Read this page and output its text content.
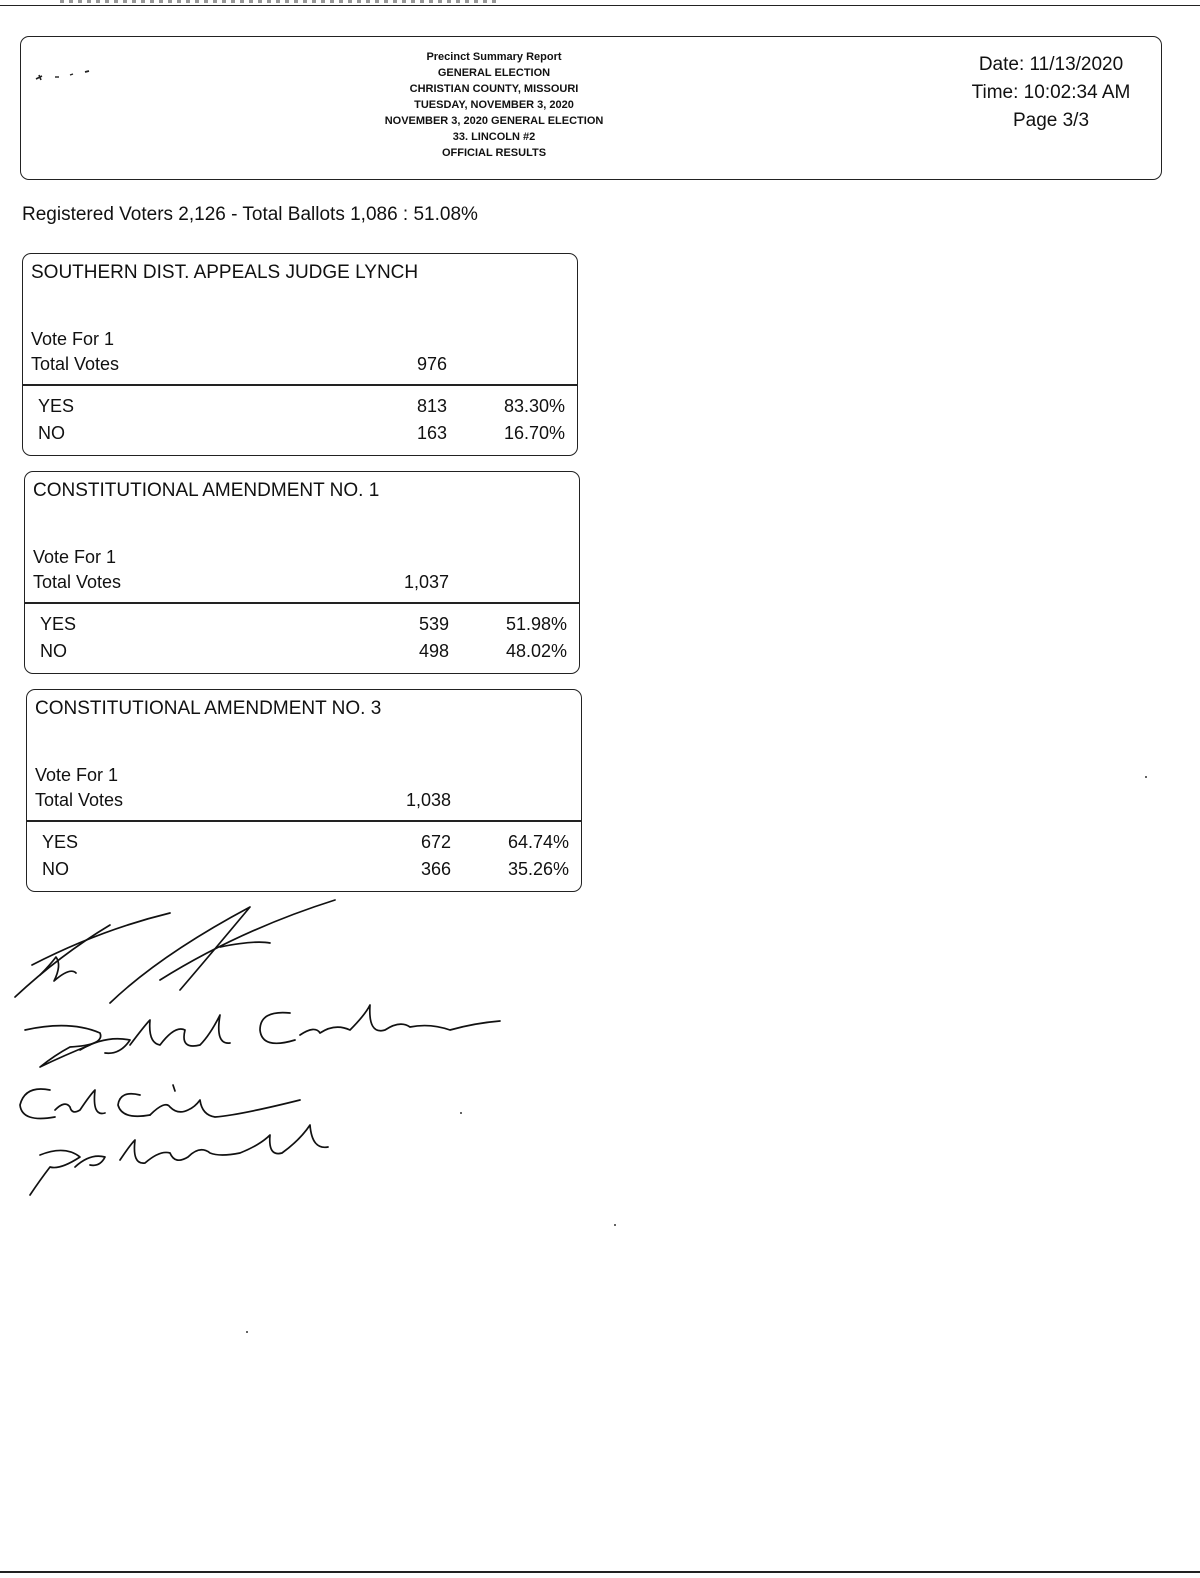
Precinct Summary Report
GENERAL ELECTION
CHRISTIAN COUNTY, MISSOURI
TUESDAY, NOVEMBER 3, 2020
NOVEMBER 3, 2020 GENERAL ELECTION
33. LINCOLN #2
OFFICIAL RESULTS
Date: 11/13/2020
Time: 10:02:34 AM
Page 3/3
Registered Voters 2,126 - Total Ballots 1,086 : 51.08%
SOUTHERN DIST. APPEALS JUDGE LYNCH
Vote For 1
Total Votes	976
YES	813	83.30%
NO	163	16.70%
CONSTITUTIONAL AMENDMENT NO. 1
Vote For 1
Total Votes	1,037
YES	539	51.98%
NO	498	48.02%
CONSTITUTIONAL AMENDMENT NO. 3
Vote For 1
Total Votes	1,038
YES	672	64.74%
NO	366	35.26%
